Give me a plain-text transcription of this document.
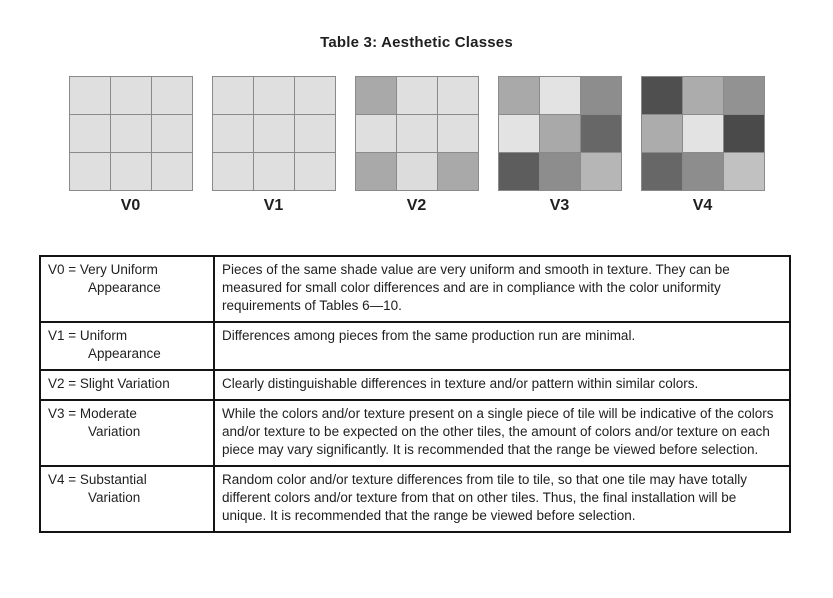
Table 3: Aesthetic Classes
V0	V1	V2	V3	V4
V0 = Very Uniform
Appearance	Pieces of the same shade value are very uniform and smooth in texture. They can be measured for small color differences and are in compliance with the color uniformity requirements of Tables 6—10.

V1 = Uniform
Appearance	Differences among pieces from the same production run are minimal.

V2 = Slight Variation	Clearly distinguishable differences in texture and/or pattern within similar colors.

V3 = Moderate
Variation	While the colors and/or texture present on a single piece of tile will be indicative of the colors and/or texture to be expected on the other tiles, the amount of colors and/or texture on each piece may vary significantly. It is recommended that the range be viewed before selection.

V4 = Substantial
Variation	Random color and/or texture differences from tile to tile, so that one tile may have totally different colors and/or texture from that on other tiles. Thus, the final installation will be unique. It is recommended that the range be viewed before selection.
